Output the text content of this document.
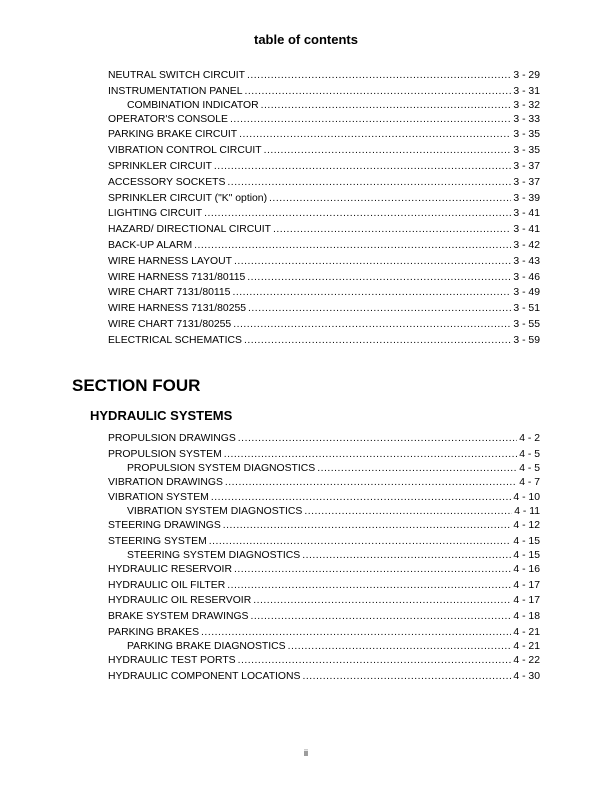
table of contents
NEUTRAL SWITCH CIRCUIT .....	3 - 29
INSTRUMENTATION PANEL .....	3 - 31
COMBINATION INDICATOR .....	3 - 32
OPERATOR'S CONSOLE .....	3 - 33
PARKING BRAKE CIRCUIT .....	3 - 35
VIBRATION CONTROL CIRCUIT .....	3 - 35
SPRINKLER CIRCUIT .....	3 - 37
ACCESSORY SOCKETS .....	3 - 37
SPRINKLER CIRCUIT ("K" option) .....	3 - 39
LIGHTING CIRCUIT .....	3 - 41
HAZARD/ DIRECTIONAL CIRCUIT .....	3 - 41
BACK-UP ALARM .....	3 - 42
WIRE HARNESS LAYOUT .....	3 - 43
WIRE HARNESS 7131/80115 .....	3 - 46
WIRE CHART 7131/80115 .....	3 - 49
WIRE HARNESS 7131/80255 .....	3 - 51
WIRE CHART 7131/80255 .....	3 - 55
ELECTRICAL SCHEMATICS .....	3 - 59
SECTION FOUR
HYDRAULIC SYSTEMS
PROPULSION DRAWINGS .....	4 - 2
PROPULSION SYSTEM .....	4 - 5
PROPULSION SYSTEM DIAGNOSTICS .....	4 - 5
VIBRATION DRAWINGS .....	4 - 7
VIBRATION SYSTEM .....	4 - 10
VIBRATION SYSTEM DIAGNOSTICS .....	4 - 11
STEERING DRAWINGS .....	4 - 12
STEERING SYSTEM .....	4 - 15
STEERING SYSTEM DIAGNOSTICS .....	4 - 15
HYDRAULIC RESERVOIR .....	4 - 16
HYDRAULIC OIL FILTER .....	4 - 17
HYDRAULIC OIL RESERVOIR .....	4 - 17
BRAKE SYSTEM DRAWINGS .....	4 - 18
PARKING BRAKES .....	4 - 21
PARKING BRAKE DIAGNOSTICS .....	4 - 21
HYDRAULIC TEST PORTS .....	4 - 22
HYDRAULIC COMPONENT LOCATIONS .....	4 - 30
ii
